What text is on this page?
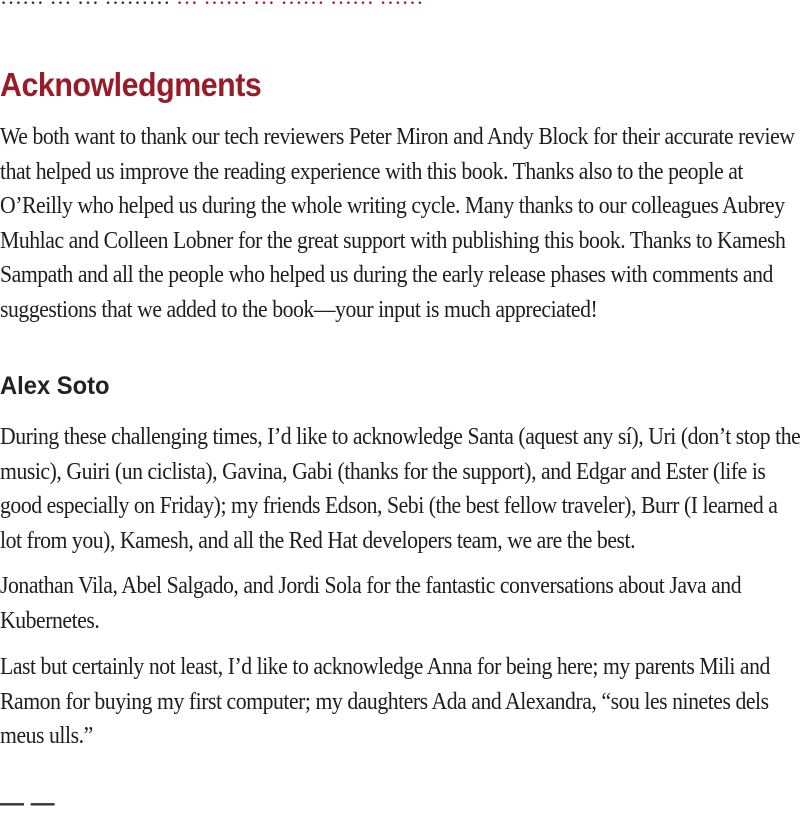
Acknowledgments

We both want to thank our tech reviewers Peter Miron and Andy Block for their accurate review
that helped us improve the reading experience with this book. Thanks also to the people at
O’Reilly who helped us during the whole writing cycle. Many thanks to our colleagues Aubrey
Muhlac and Colleen Lobner for the great support with publishing this book. Thanks to Kamesh
Sampath and all the people who helped us during the early release phases with comments and
suggestions that we added to the book—your input is much appreciated!

Alex Soto

During these challenging times, I’d like to acknowledge Santa (aquest any sí), Uri (don’t stop the
music), Guiri (un ciclista), Gavina, Gabi (thanks for the support), and Edgar and Ester (life is
good especially on Friday); my friends Edson, Sebi (the best fellow traveler), Burr (I learned a
lot from you), Kamesh, and all the Red Hat developers team, we are the best.

Jonathan Vila, Abel Salgado, and Jordi Sola for the fantastic conversations about Java and
Kubernetes.

Last but certainly not least, I’d like to acknowledge Anna for being here; my parents Mili and
Ramon for buying my first computer; my daughters Ada and Alexandra, “sou les ninetes dels
meus ulls.”

— —
